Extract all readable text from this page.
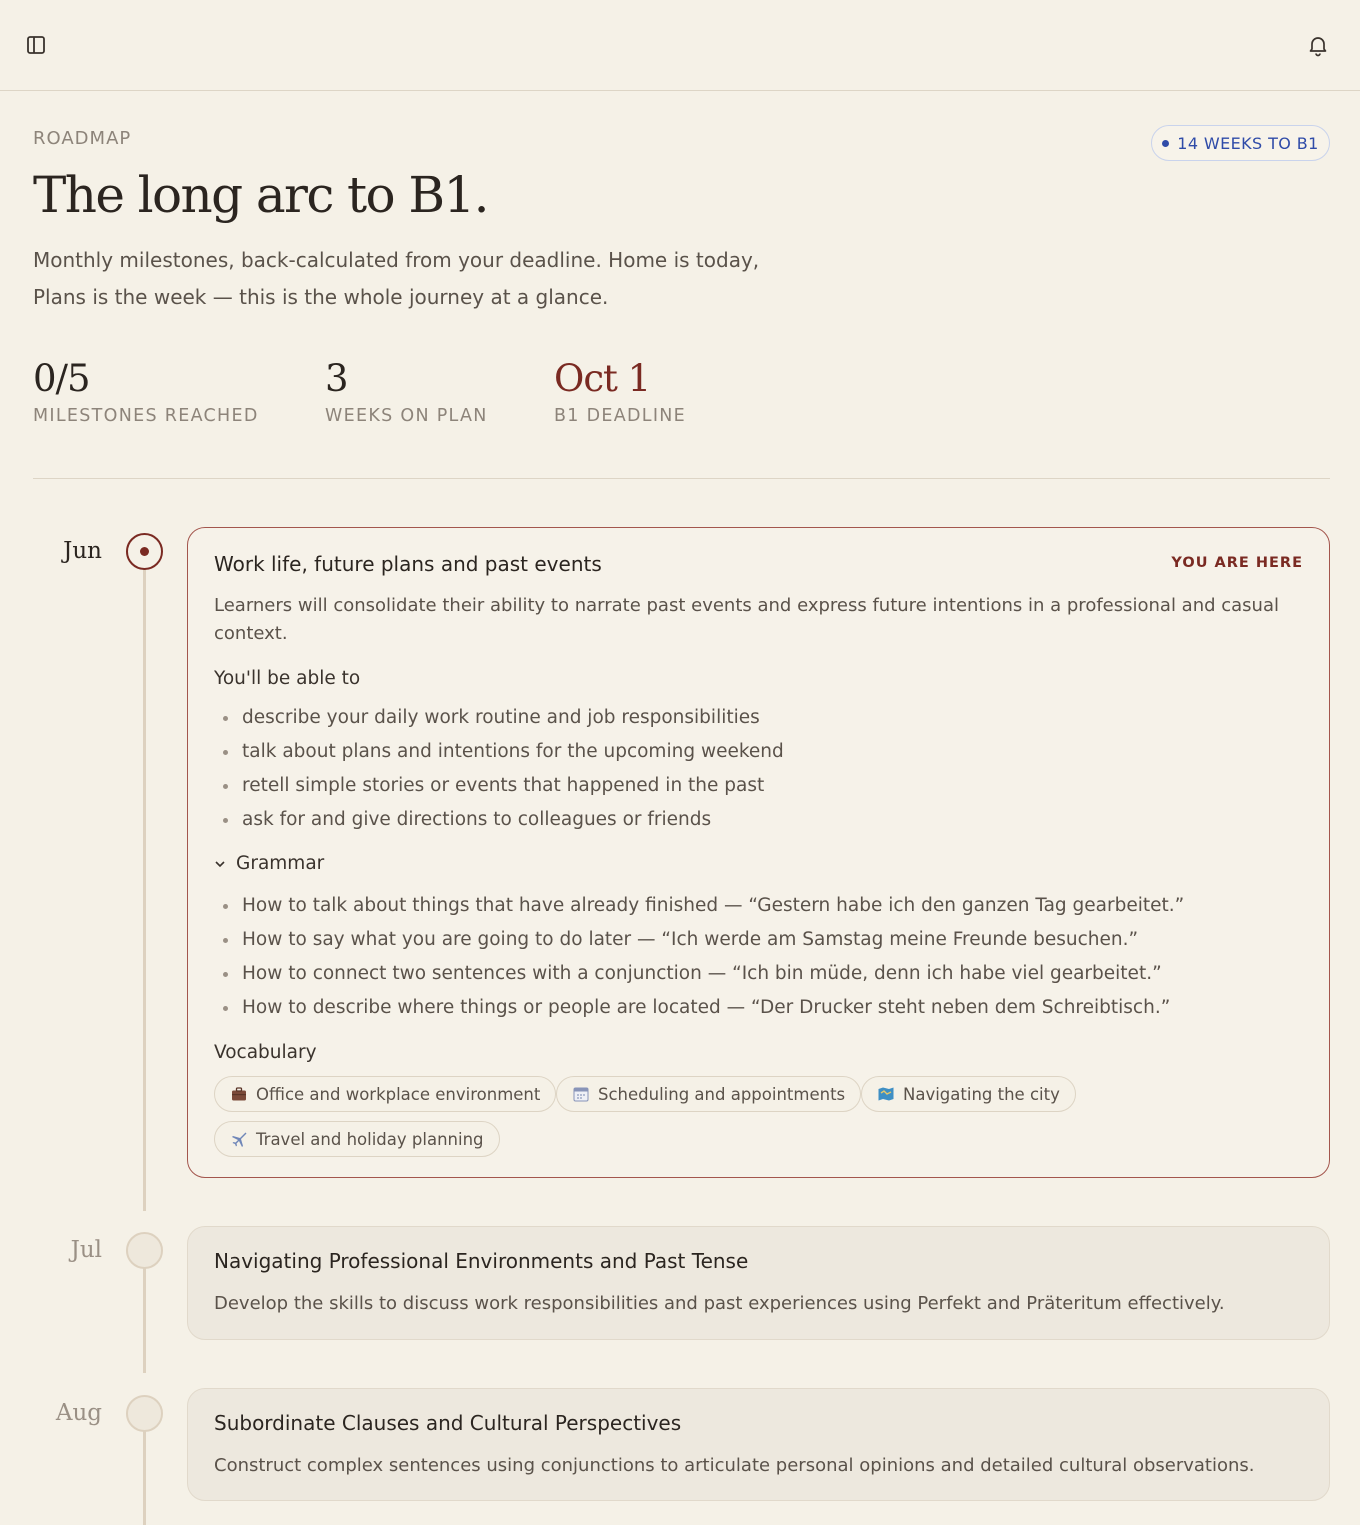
ROADMAP	14 WEEKS TO B1
The long arc to B1.
Monthly milestones, back-calculated from your deadline. Home is today,
Plans is the week — this is the whole journey at a glance.
0/5
MILESTONES REACHED
3
WEEKS ON PLAN
Oct 1
B1 DEADLINE
Jun	Work life, future plans and past events	YOU ARE HERE
Learners will consolidate their ability to narrate past events and express future intentions in a professional and casual context.
You'll be able to
describe your daily work routine and job responsibilities
talk about plans and intentions for the upcoming weekend
retell simple stories or events that happened in the past
ask for and give directions to colleagues or friends
Grammar
How to talk about things that have already finished — “Gestern habe ich den ganzen Tag gearbeitet.”
How to say what you are going to do later — “Ich werde am Samstag meine Freunde besuchen.”
How to connect two sentences with a conjunction — “Ich bin müde, denn ich habe viel gearbeitet.”
How to describe where things or people are located — “Der Drucker steht neben dem Schreibtisch.”
Vocabulary
Office and workplace environment	Scheduling and appointments	Navigating the city
Travel and holiday planning
Jul	Navigating Professional Environments and Past Tense
Develop the skills to discuss work responsibilities and past experiences using Perfekt and Präteritum effectively.
Aug	Subordinate Clauses and Cultural Perspectives
Construct complex sentences using conjunctions to articulate personal opinions and detailed cultural observations.
